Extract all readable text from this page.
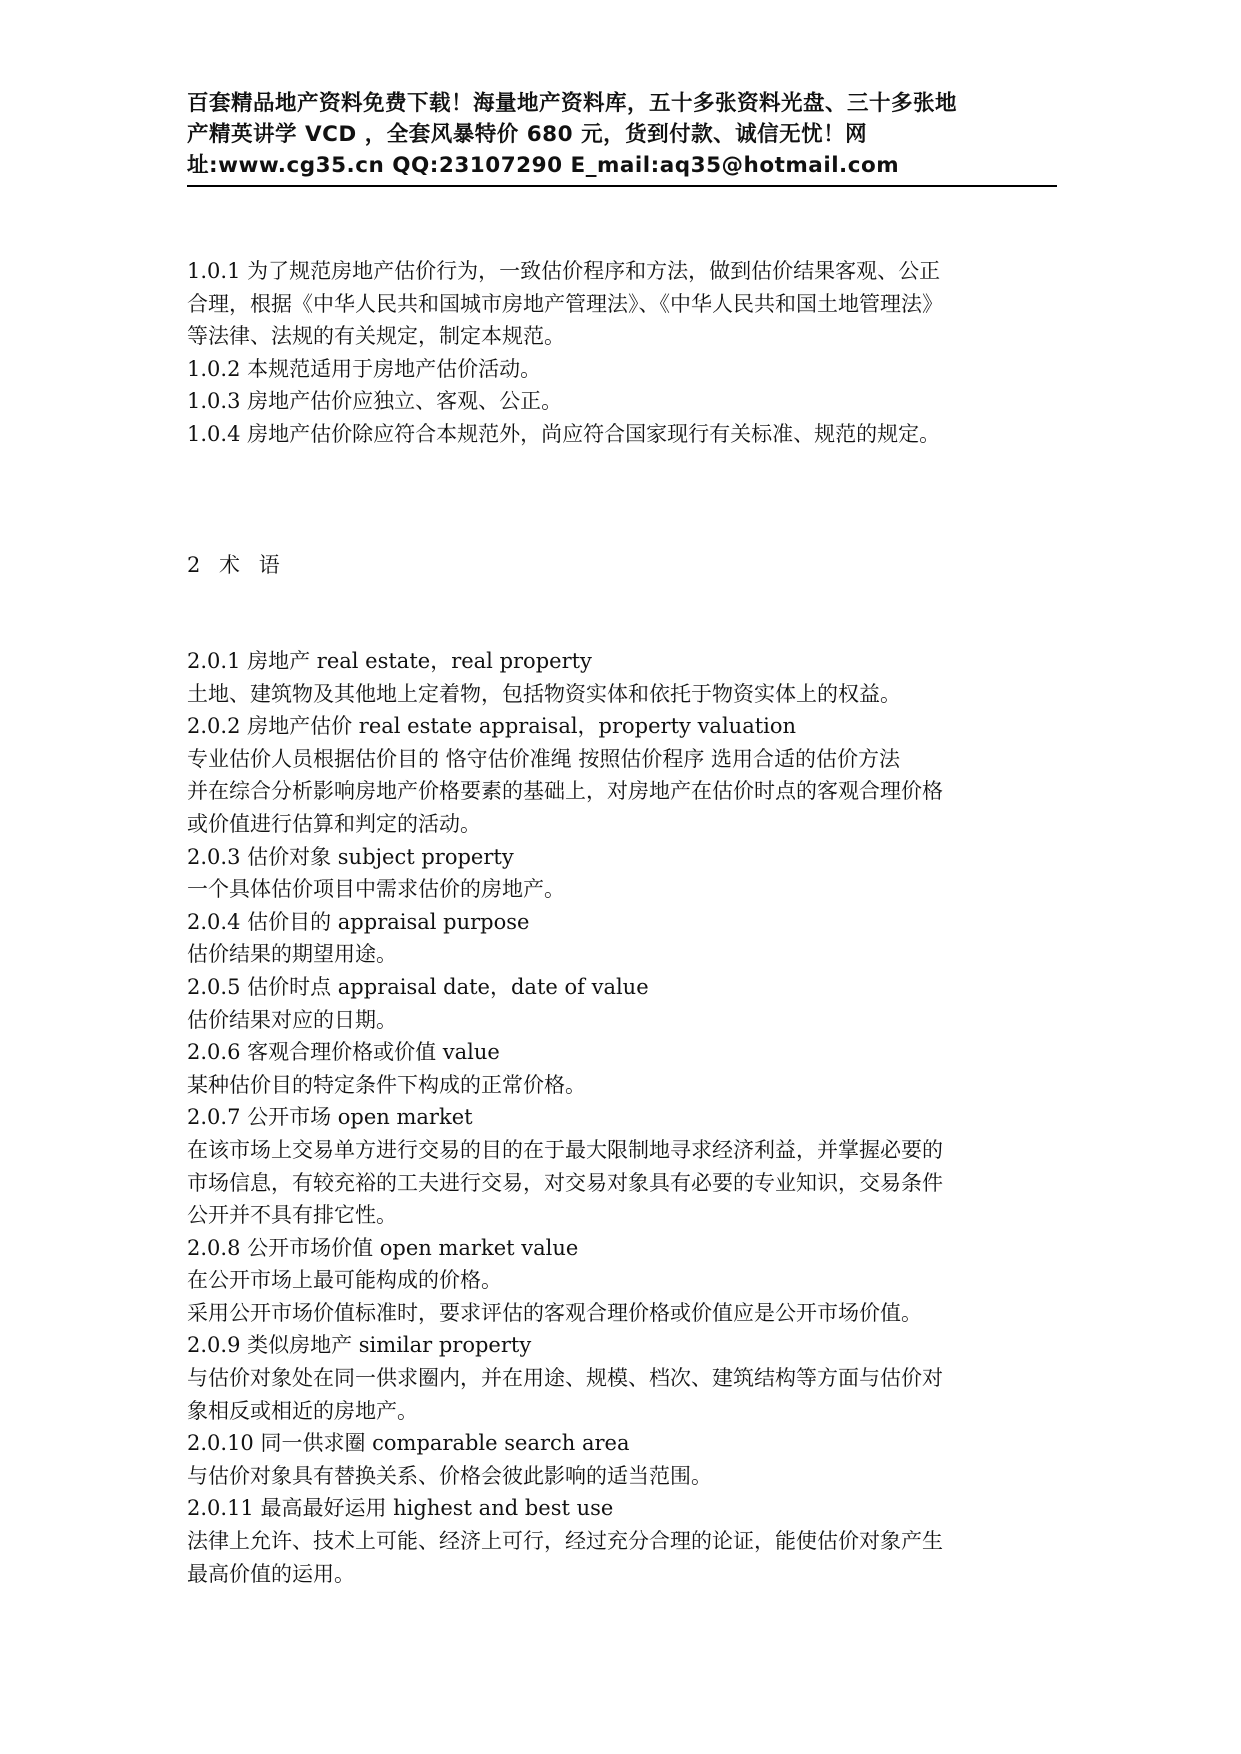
百套精品地产资料免费下载！海量地产资料库，五十多张资料光盘、三十多张地
产精英讲学 VCD ，全套风暴特价 680 元，货到付款、诚信无忧！网
址:www.cg35.cn QQ:23107290 E_mail:aq35@hotmail.com
1.0.1 为了规范房地产估价行为，一致估价程序和方法，做到估价结果客观、公正
合理，根据《中华人民共和国城市房地产管理法》、《中华人民共和国土地管理法》
等法律、法规的有关规定，制定本规范。
1.0.2 本规范适用于房地产估价活动。
1.0.3 房地产估价应独立、客观、公正。
1.0.4 房地产估价除应符合本规范外，尚应符合国家现行有关标准、规范的规定。
2 术 语
2.0.1 房地产 real estate，real property
土地、建筑物及其他地上定着物，包括物资实体和依托于物资实体上的权益。
2.0.2 房地产估价 real estate appraisal，property valuation
专业估价人员根据估价目的 恪守估价准绳 按照估价程序 选用合适的估价方法
并在综合分析影响房地产价格要素的基础上，对房地产在估价时点的客观合理价格
或价值进行估算和判定的活动。
2.0.3 估价对象 subject property
一个具体估价项目中需求估价的房地产。
2.0.4 估价目的 appraisal purpose
估价结果的期望用途。
2.0.5 估价时点 appraisal date，date of value
估价结果对应的日期。
2.0.6 客观合理价格或价值 value
某种估价目的特定条件下构成的正常价格。
2.0.7 公开市场 open market
在该市场上交易单方进行交易的目的在于最大限制地寻求经济利益，并掌握必要的
市场信息，有较充裕的工夫进行交易，对交易对象具有必要的专业知识，交易条件
公开并不具有排它性。
2.0.8 公开市场价值 open market value
在公开市场上最可能构成的价格。
采用公开市场价值标准时，要求评估的客观合理价格或价值应是公开市场价值。
2.0.9 类似房地产 similar property
与估价对象处在同一供求圈内，并在用途、规模、档次、建筑结构等方面与估价对
象相反或相近的房地产。
2.0.10 同一供求圈 comparable search area
与估价对象具有替换关系、价格会彼此影响的适当范围。
2.0.11 最高最好运用 highest and best use
法律上允许、技术上可能、经济上可行，经过充分合理的论证，能使估价对象产生
最高价值的运用。
